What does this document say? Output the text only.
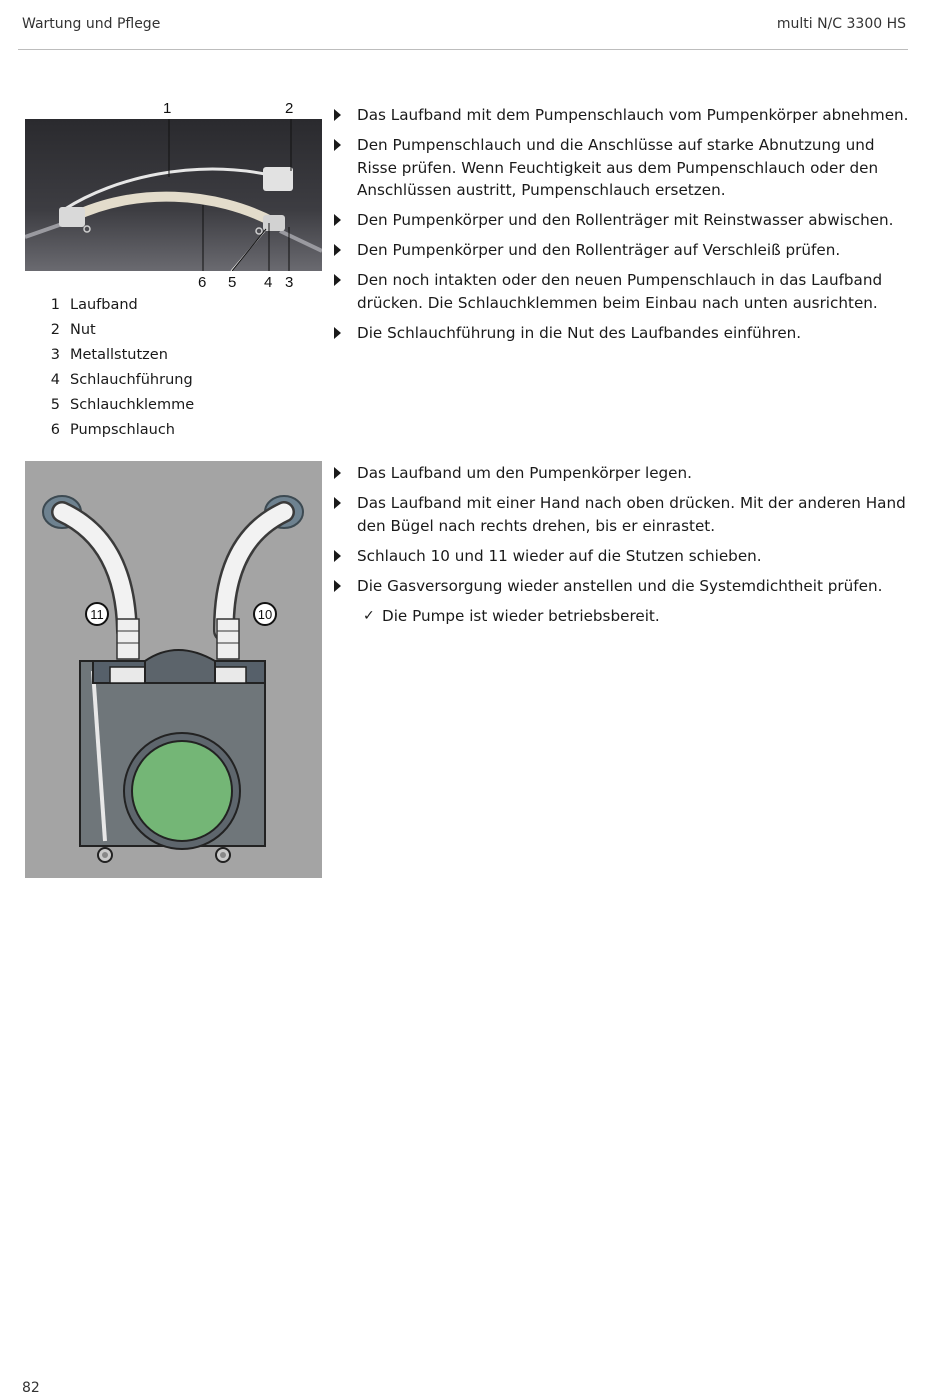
Wartung und Pflege	multi N/C 3300 HS
1	2
6 5 4 3
1 Laufband
2 Nut
3 Metallstutzen
4 Schlauchführung
5 Schlauchklemme
6 Pumpschlauch
Das Laufband mit dem Pumpenschlauch vom Pumpenkörper abnehmen.
Den Pumpenschlauch und die Anschlüsse auf starke Abnutzung und Risse prüfen. Wenn Feuchtigkeit aus dem Pumpenschlauch oder den Anschlüssen austritt, Pumpenschlauch ersetzen.
Den Pumpenkörper und den Rollenträger mit Reinstwasser abwischen.
Den Pumpenkörper und den Rollenträger auf Verschleiß prüfen.
Den noch intakten oder den neuen Pumpenschlauch in das Laufband drücken. Die Schlauchklemmen beim Einbau nach unten ausrichten.
Die Schlauchführung in die Nut des Laufbandes einführen.
11	10
Das Laufband um den Pumpenkörper legen.
Das Laufband mit einer Hand nach oben drücken. Mit der anderen Hand den Bügel nach rechts drehen, bis er einrastet.
Schlauch 10 und 11 wieder auf die Stutzen schieben.
Die Gasversorgung wieder anstellen und die Systemdichtheit prüfen.
✓ Die Pumpe ist wieder betriebsbereit.
82
